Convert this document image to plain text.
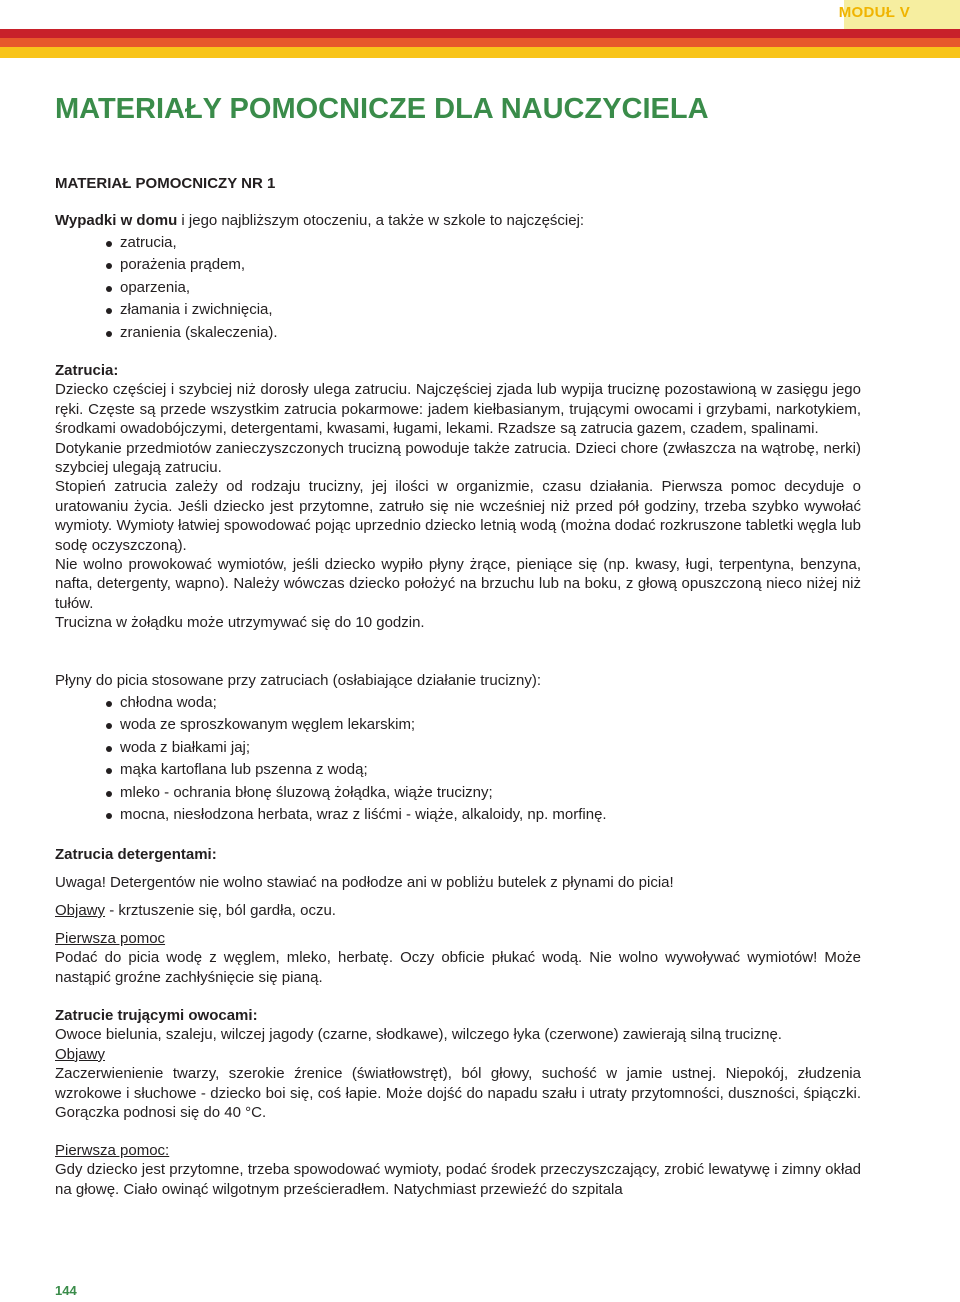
MODUŁ V
MATERIAŁY POMOCNICZE DLA NAUCZYCIELA
MATERIAŁ POMOCNICZY NR 1
Wypadki w domu i jego najbliższym otoczeniu, a także w szkole to najczęściej:
zatrucia,
porażenia prądem,
oparzenia,
złamania i zwichnięcia,
zranienia (skaleczenia).

Zatrucia:

Dziecko częściej i szybciej niż dorosły ulega zatruciu. Najczęściej zjada lub wypija truciznę pozostawioną w zasięgu jego ręki. Częste są przede wszystkim zatrucia pokarmowe: jadem kiełbasianym, trującymi owocami i grzybami, narkotykiem, środkami owadobójczymi, detergentami, kwasami, ługami, lekami. Rzadsze są zatrucia gazem, czadem, spalinami.

Dotykanie przedmiotów zanieczyszczonych trucizną powoduje także zatrucia. Dzieci chore (zwłaszcza na wątrobę, nerki) szybciej ulegają zatruciu.

Stopień zatrucia zależy od rodzaju trucizny, jej ilości w organizmie, czasu działania. Pierwsza pomoc decyduje o uratowaniu życia. Jeśli dziecko jest przytomne, zatruło się nie wcześniej niż przed pół godziny, trzeba szybko wywołać wymioty. Wymioty łatwiej spowodować pojąc uprzednio dziecko letnią wodą (można dodać rozkruszone tabletki węgla lub sodę oczyszczoną).

Nie wolno prowokować wymiotów, jeśli dziecko wypiło płyny żrące, pieniące się (np. kwasy, ługi, terpentyna, benzyna, nafta, detergenty, wapno). Należy wówczas dziecko położyć na brzuchu lub na boku, z głową opuszczoną nieco niżej niż tułów.

Trucizna w żołądku może utrzymywać się do 10 godzin.

Płyny do picia stosowane przy zatruciach (osłabiające działanie trucizny):
chłodna woda;
woda ze sproszkowanym węglem lekarskim;
woda z białkami jaj;
mąka kartoflana lub pszenna z wodą;
mleko - ochrania błonę śluzową żołądka, wiąże trucizny;
mocna, niesłodzona herbata, wraz z liśćmi - wiąże, alkaloidy, np. morfinę.
Zatrucia detergentami:
Uwaga! Detergentów nie wolno stawiać na podłodze ani w pobliżu butelek z płynami do picia!
Objawy - krztuszenie się, ból gardła, oczu.

Pierwsza pomoc

Podać do picia wodę z węglem, mleko, herbatę. Oczy obficie płukać wodą. Nie wolno wywoływać wymiotów! Może nastąpić groźne zachłyśnięcie się pianą.

Zatrucie trującymi owocami:

Owoce bielunia, szaleju, wilczej jagody (czarne, słodkawe), wilczego łyka (czerwone) zawierają silną truciznę.

Objawy

Zaczerwienienie twarzy, szerokie źrenice (światłowstręt), ból głowy, suchość w jamie ustnej. Niepokój, złudzenia wzrokowe i słuchowe - dziecko boi się, coś łapie. Może dojść do napadu szału i utraty przytomności, duszności, śpiączki. Gorączka podnosi się do 40 °C.

Pierwsza pomoc:

Gdy dziecko jest przytomne, trzeba spowodować wymioty, podać środek przeczyszczający, zrobić lewatywę i zimny okład na głowę. Ciało owinąć wilgotnym prześcieradłem. Natychmiast przewieźć do szpitala

144
